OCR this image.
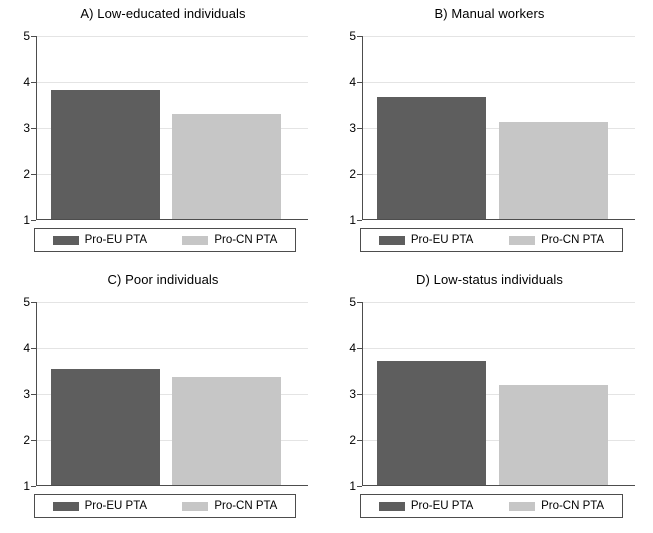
A) Low-educated individuals
1
2
3
4
5
Pro-EU PTA	Pro-CN PTA
B) Manual workers
1
2
3
4
5
Pro-EU PTA	Pro-CN PTA
C) Poor individuals
1
2
3
4
5
Pro-EU PTA	Pro-CN PTA
D) Low-status individuals
1
2
3
4
5
Pro-EU PTA	Pro-CN PTA
